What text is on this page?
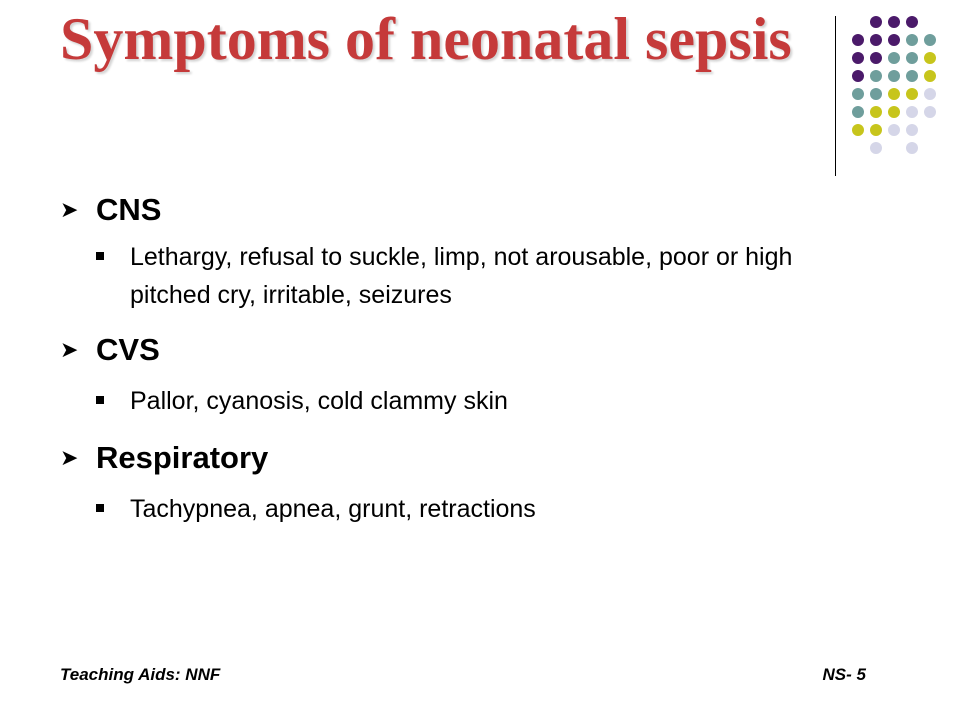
Symptoms of neonatal sepsis

➤ CNS

Lethargy, refusal to suckle, limp, not arousable, poor or high pitched cry, irritable, seizures

➤ CVS

Pallor, cyanosis, cold clammy skin

➤ Respiratory

Tachypnea, apnea, grunt, retractions

Teaching Aids: NNF	NS- 5
